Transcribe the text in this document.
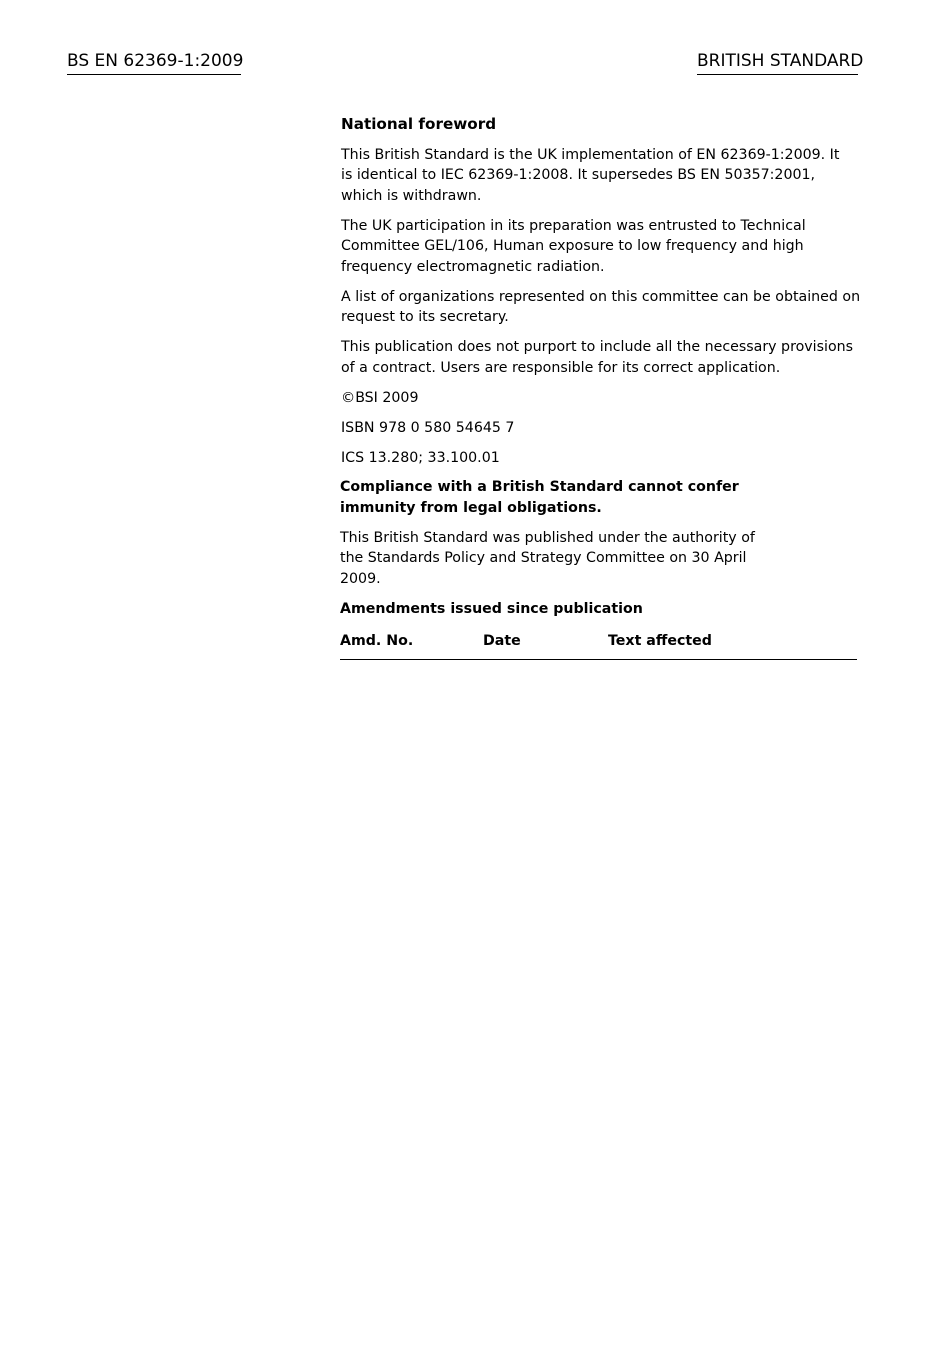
BS EN 62369-1:2009	BRITISH STANDARD
National foreword
This British Standard is the UK implementation of EN 62369-1:2009. It is identical to IEC 62369-1:2008. It supersedes BS EN 50357:2001, which is withdrawn.
The UK participation in its preparation was entrusted to Technical Committee GEL/106, Human exposure to low frequency and high frequency electromagnetic radiation.
A list of organizations represented on this committee can be obtained on request to its secretary.
This publication does not purport to include all the necessary provisions of a contract. Users are responsible for its correct application.
©BSI 2009
ISBN 978 0 580 54645 7
ICS 13.280; 33.100.01
Compliance with a British Standard cannot confer immunity from legal obligations.
This British Standard was published under the authority of the Standards Policy and Strategy Committee on 30 April 2009.
Amendments issued since publication
Amd. No.	Date	Text affected
